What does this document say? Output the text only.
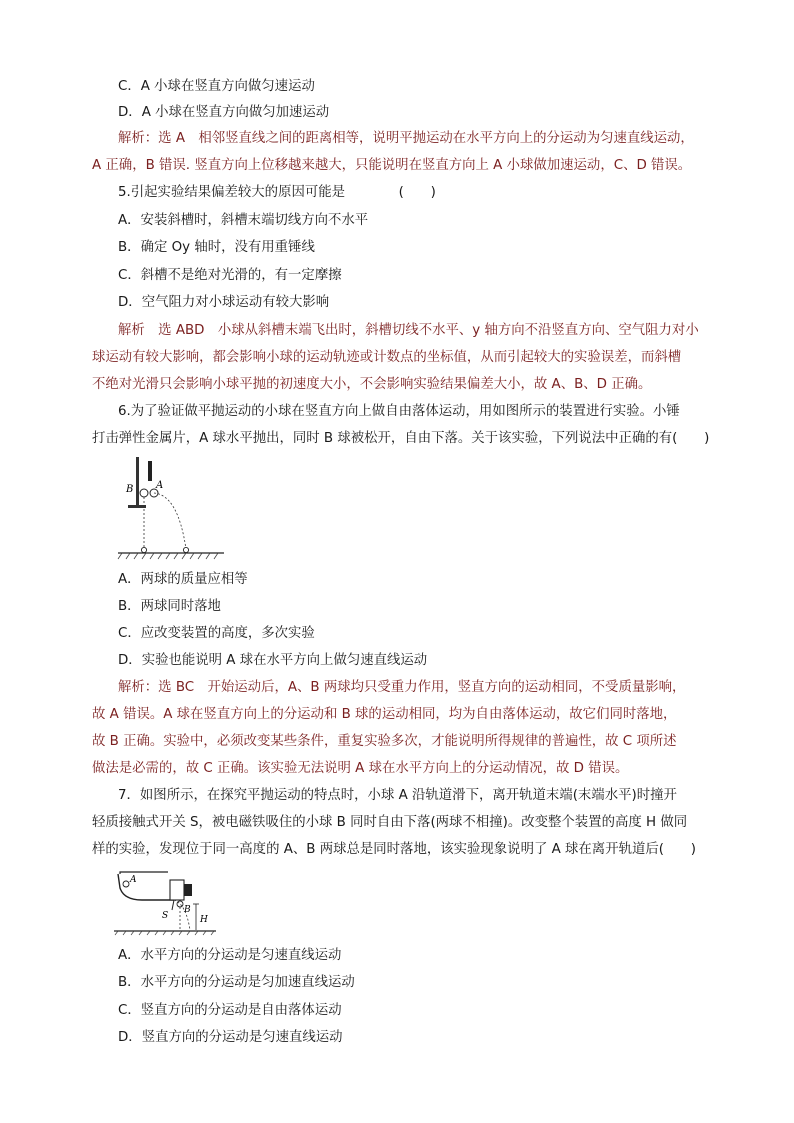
C．A 小球在竖直方向做匀速运动
D．A 小球在竖直方向做匀加速运动
解析：选 A　相邻竖直线之间的距离相等，说明平抛运动在水平方向上的分运动为匀速直线运动，
A 正确，B 错误. 竖直方向上位移越来越大，只能说明在竖直方向上 A 小球做加速运动，C、D 错误。
5.引起实验结果偏差较大的原因可能是　　　　(　　)
A．安装斜槽时，斜槽末端切线方向不水平
B．确定 Oy 轴时，没有用重锤线
C．斜槽不是绝对光滑的，有一定摩擦
D．空气阻力对小球运动有较大影响
解析　选 ABD　小球从斜槽末端飞出时，斜槽切线不水平、y 轴方向不沿竖直方向、空气阻力对小
球运动有较大影响，都会影响小球的运动轨迹或计数点的坐标值，从而引起较大的实验误差，而斜槽
不绝对光滑只会影响小球平抛的初速度大小，不会影响实验结果偏差大小，故 A、B、D 正确。
6.为了验证做平抛运动的小球在竖直方向上做自由落体运动，用如图所示的装置进行实验。小锤
打击弹性金属片，A 球水平抛出，同时 B 球被松开，自由下落。关于该实验，下列说法中正确的有(　　)
B A
A．两球的质量应相等
B．两球同时落地
C．应改变装置的高度，多次实验
D．实验也能说明 A 球在水平方向上做匀速直线运动
解析：选 BC　开始运动后，A、B 两球均只受重力作用，竖直方向的运动相同，不受质量影响，
故 A 错误。A 球在竖直方向上的分运动和 B 球的运动相同，均为自由落体运动，故它们同时落地，
故 B 正确。实验中，必须改变某些条件，重复实验多次，才能说明所得规律的普遍性，故 C 项所述
做法是必需的，故 C 正确。该实验无法说明 A 球在水平方向上的分运动情况，故 D 错误。
7．如图所示，在探究平抛运动的特点时，小球 A 沿轨道滑下，离开轨道末端(末端水平)时撞开
轻质接触式开关 S，被电磁铁吸住的小球 B 同时自由下落(两球不相撞)。改变整个装置的高度 H 做同
样的实验，发现位于同一高度的 A、B 两球总是同时落地，该实验现象说明了 A 球在离开轨道后(　　)
A
S
B
H
A．水平方向的分运动是匀速直线运动
B．水平方向的分运动是匀加速直线运动
C．竖直方向的分运动是自由落体运动
D．竖直方向的分运动是匀速直线运动
